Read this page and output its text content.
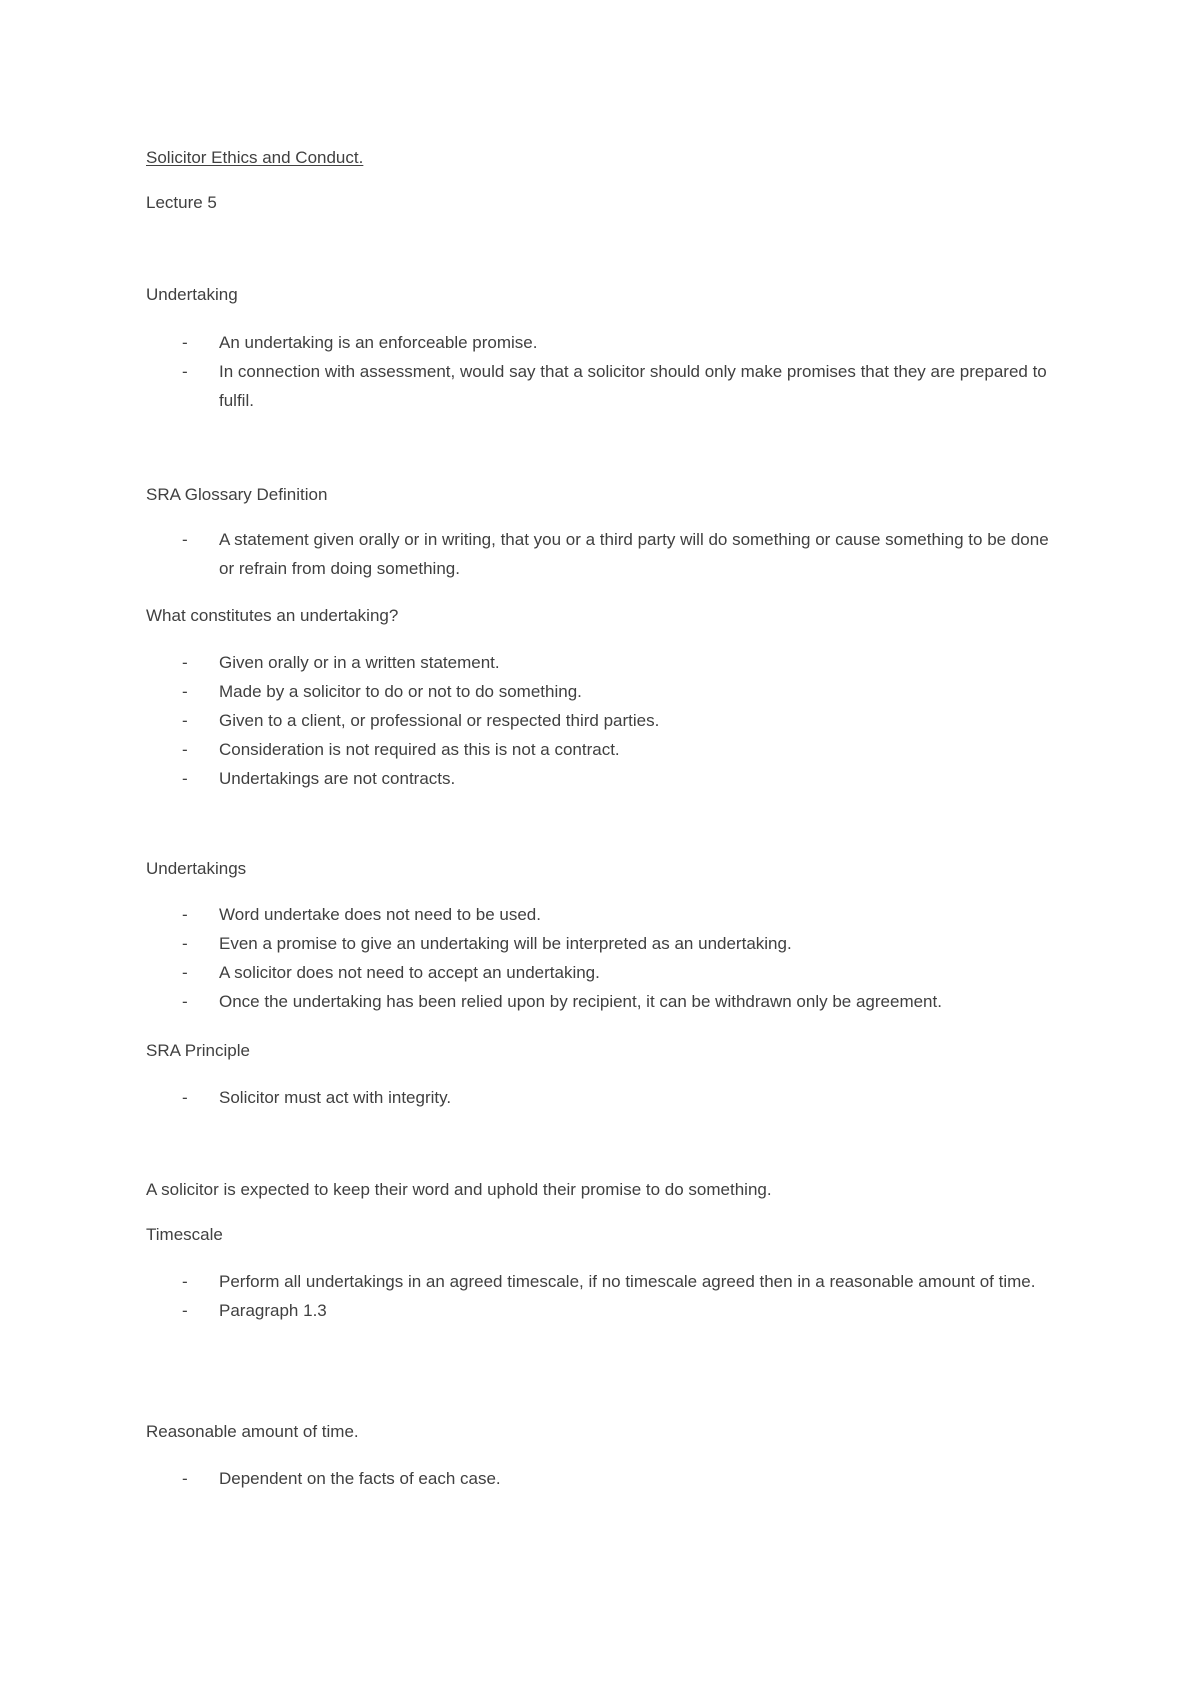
Solicitor Ethics and Conduct.
Lecture 5
Undertaking
- An undertaking is an enforceable promise.
- In connection with assessment, would say that a solicitor should only make promises that they are prepared to fulfil.
SRA Glossary Definition
- A statement given orally or in writing, that you or a third party will do something or cause something to be done or refrain from doing something.
What constitutes an undertaking?
- Given orally or in a written statement.
- Made by a solicitor to do or not to do something.
- Given to a client, or professional or respected third parties.
- Consideration is not required as this is not a contract.
- Undertakings are not contracts.
Undertakings
- Word undertake does not need to be used.
- Even a promise to give an undertaking will be interpreted as an undertaking.
- A solicitor does not need to accept an undertaking.
- Once the undertaking has been relied upon by recipient, it can be withdrawn only be agreement.
SRA Principle
- Solicitor must act with integrity.
A solicitor is expected to keep their word and uphold their promise to do something.
Timescale
- Perform all undertakings in an agreed timescale, if no timescale agreed then in a reasonable amount of time.
- Paragraph 1.3
Reasonable amount of time.
- Dependent on the facts of each case.
